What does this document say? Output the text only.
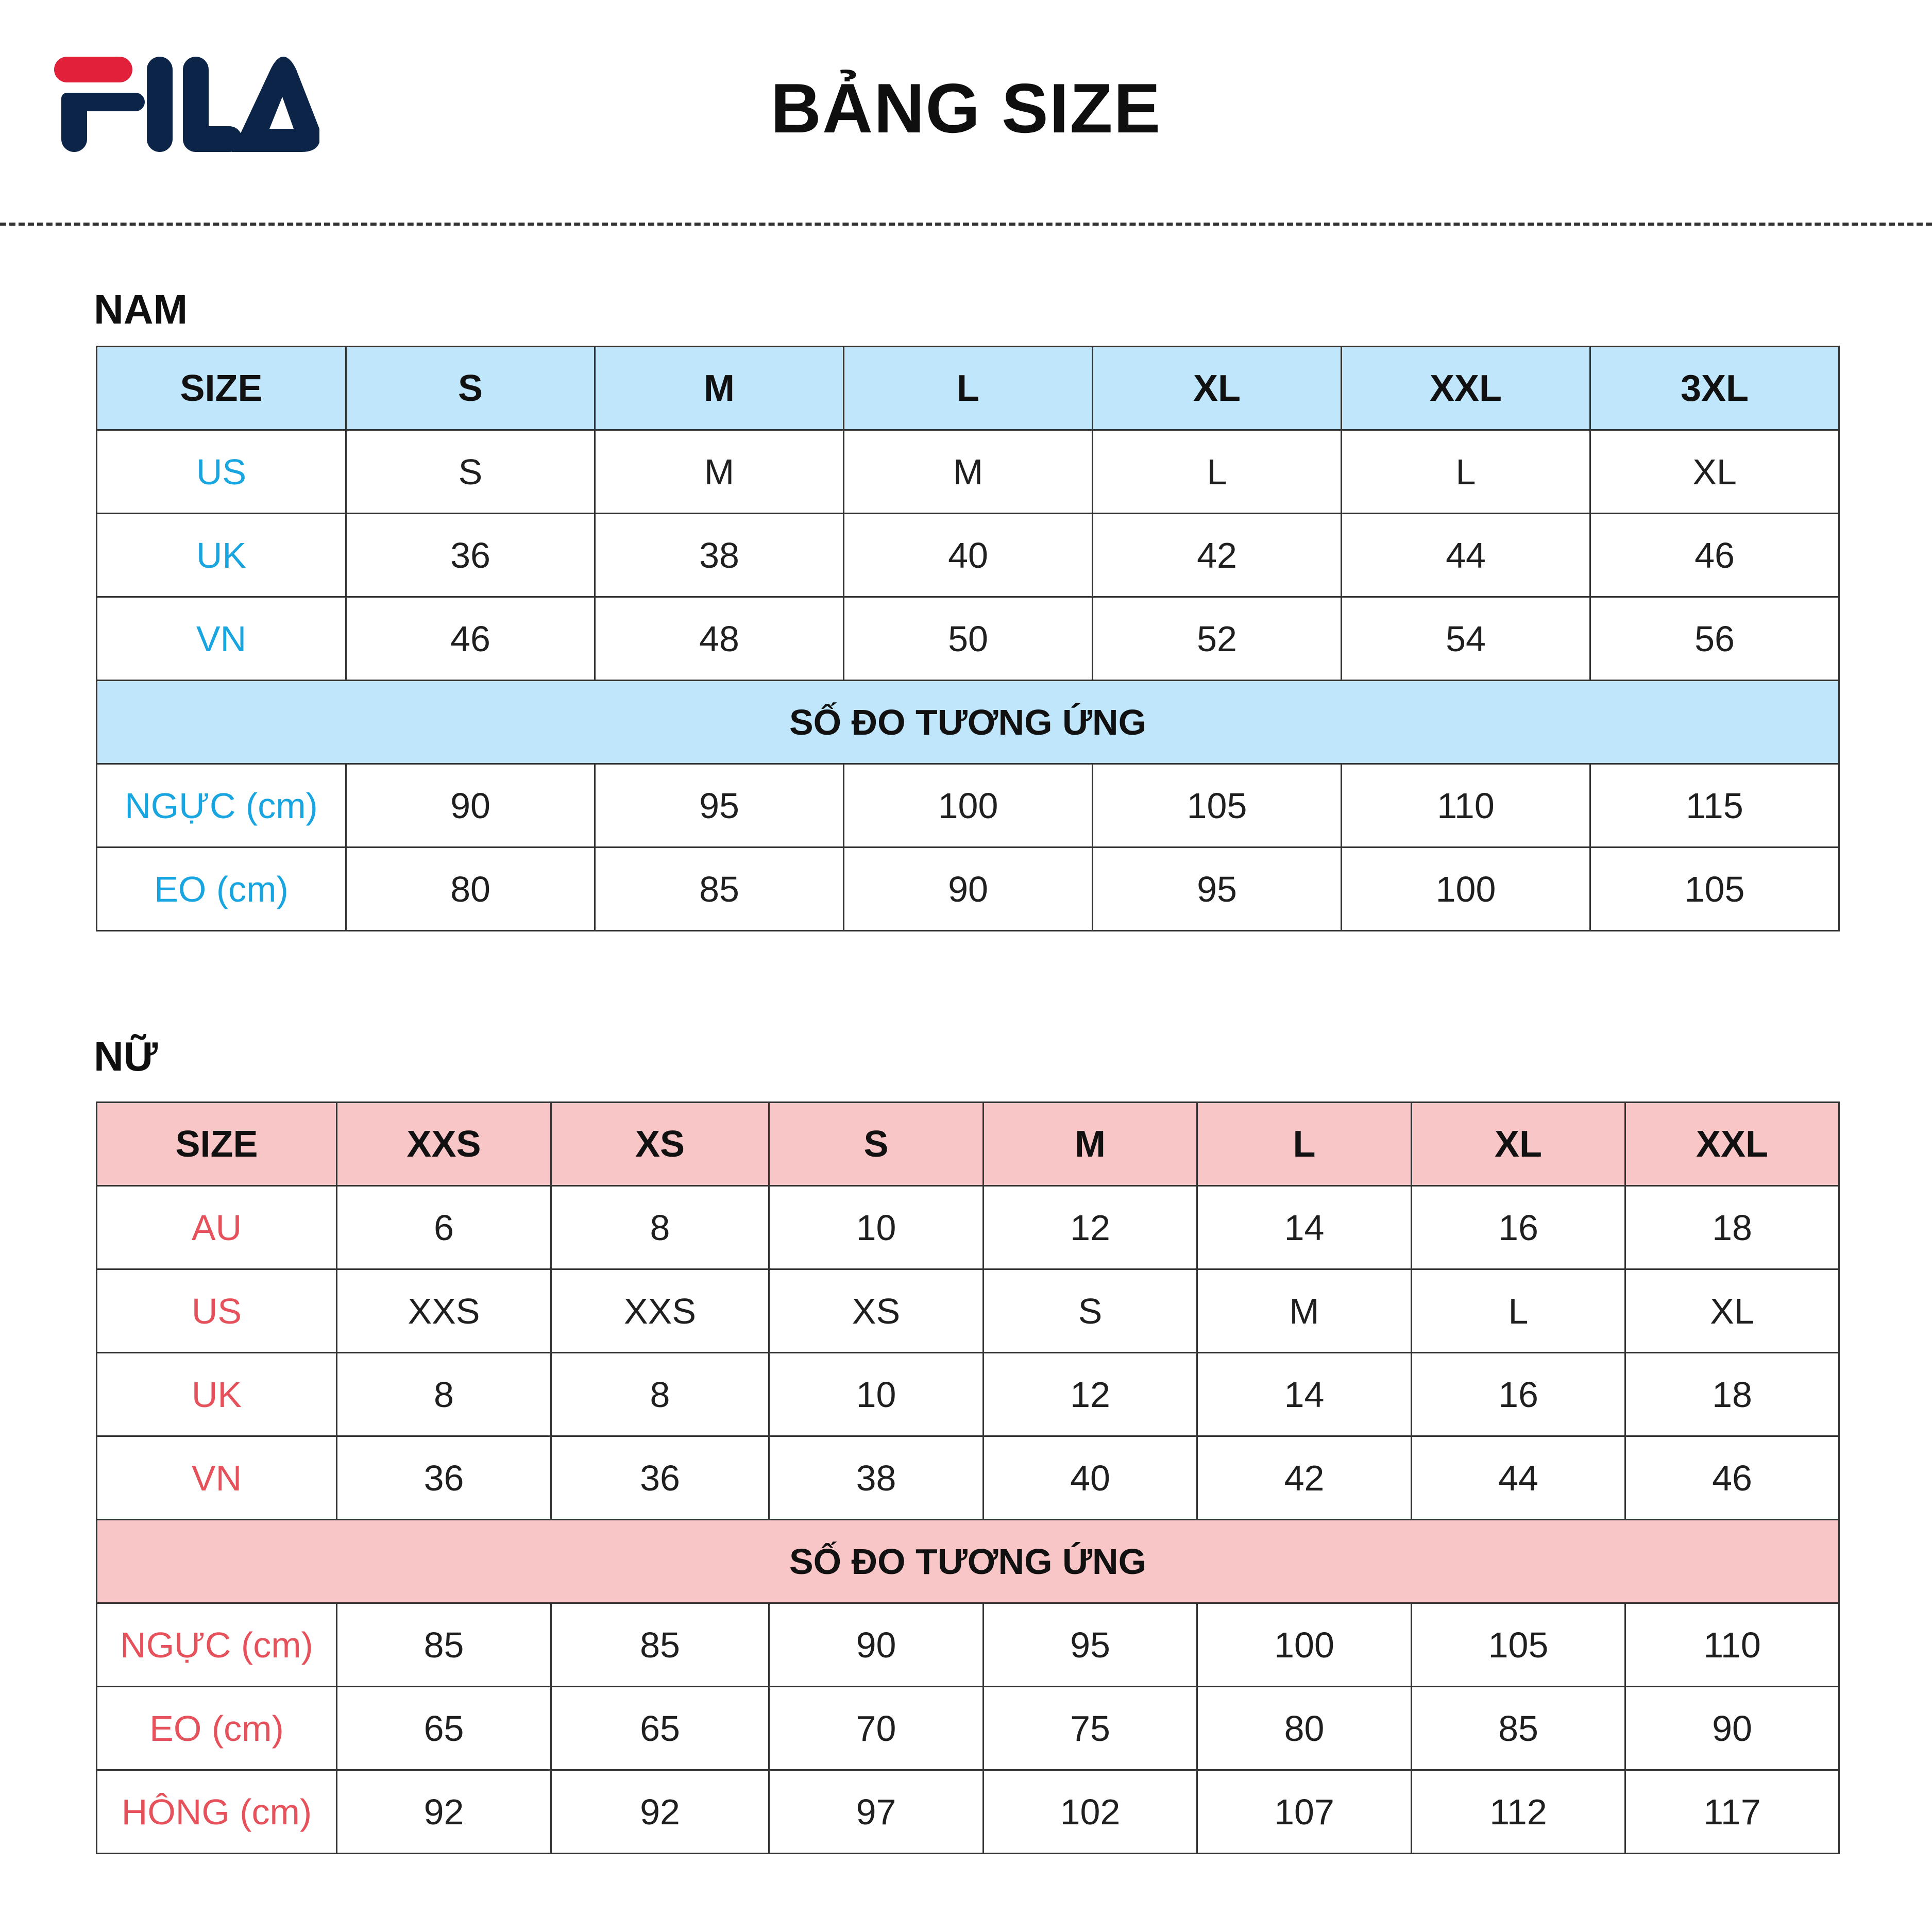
BẢNG SIZE
NAM
SIZE	S	M	L	XL	XXL	3XL
US	S	M	M	L	L	XL
UK	36	38	40	42	44	46
VN	46	48	50	52	54	56
SỐ ĐO TƯƠNG ỨNG						
NGỰC (cm)	90	95	100	105	110	115
EO (cm)	80	85	90	95	100	105
NỮ
SIZE	XXS	XS	S	M	L	XL	XXL
AU	6	8	10	12	14	16	18
US	XXS	XXS	XS	S	M	L	XL
UK	8	8	10	12	14	16	18
VN	36	36	38	40	42	44	46
SỐ ĐO TƯƠNG ỨNG							
NGỰC (cm)	85	85	90	95	100	105	110
EO (cm)	65	65	70	75	80	85	90
HÔNG (cm)	92	92	97	102	107	112	117
